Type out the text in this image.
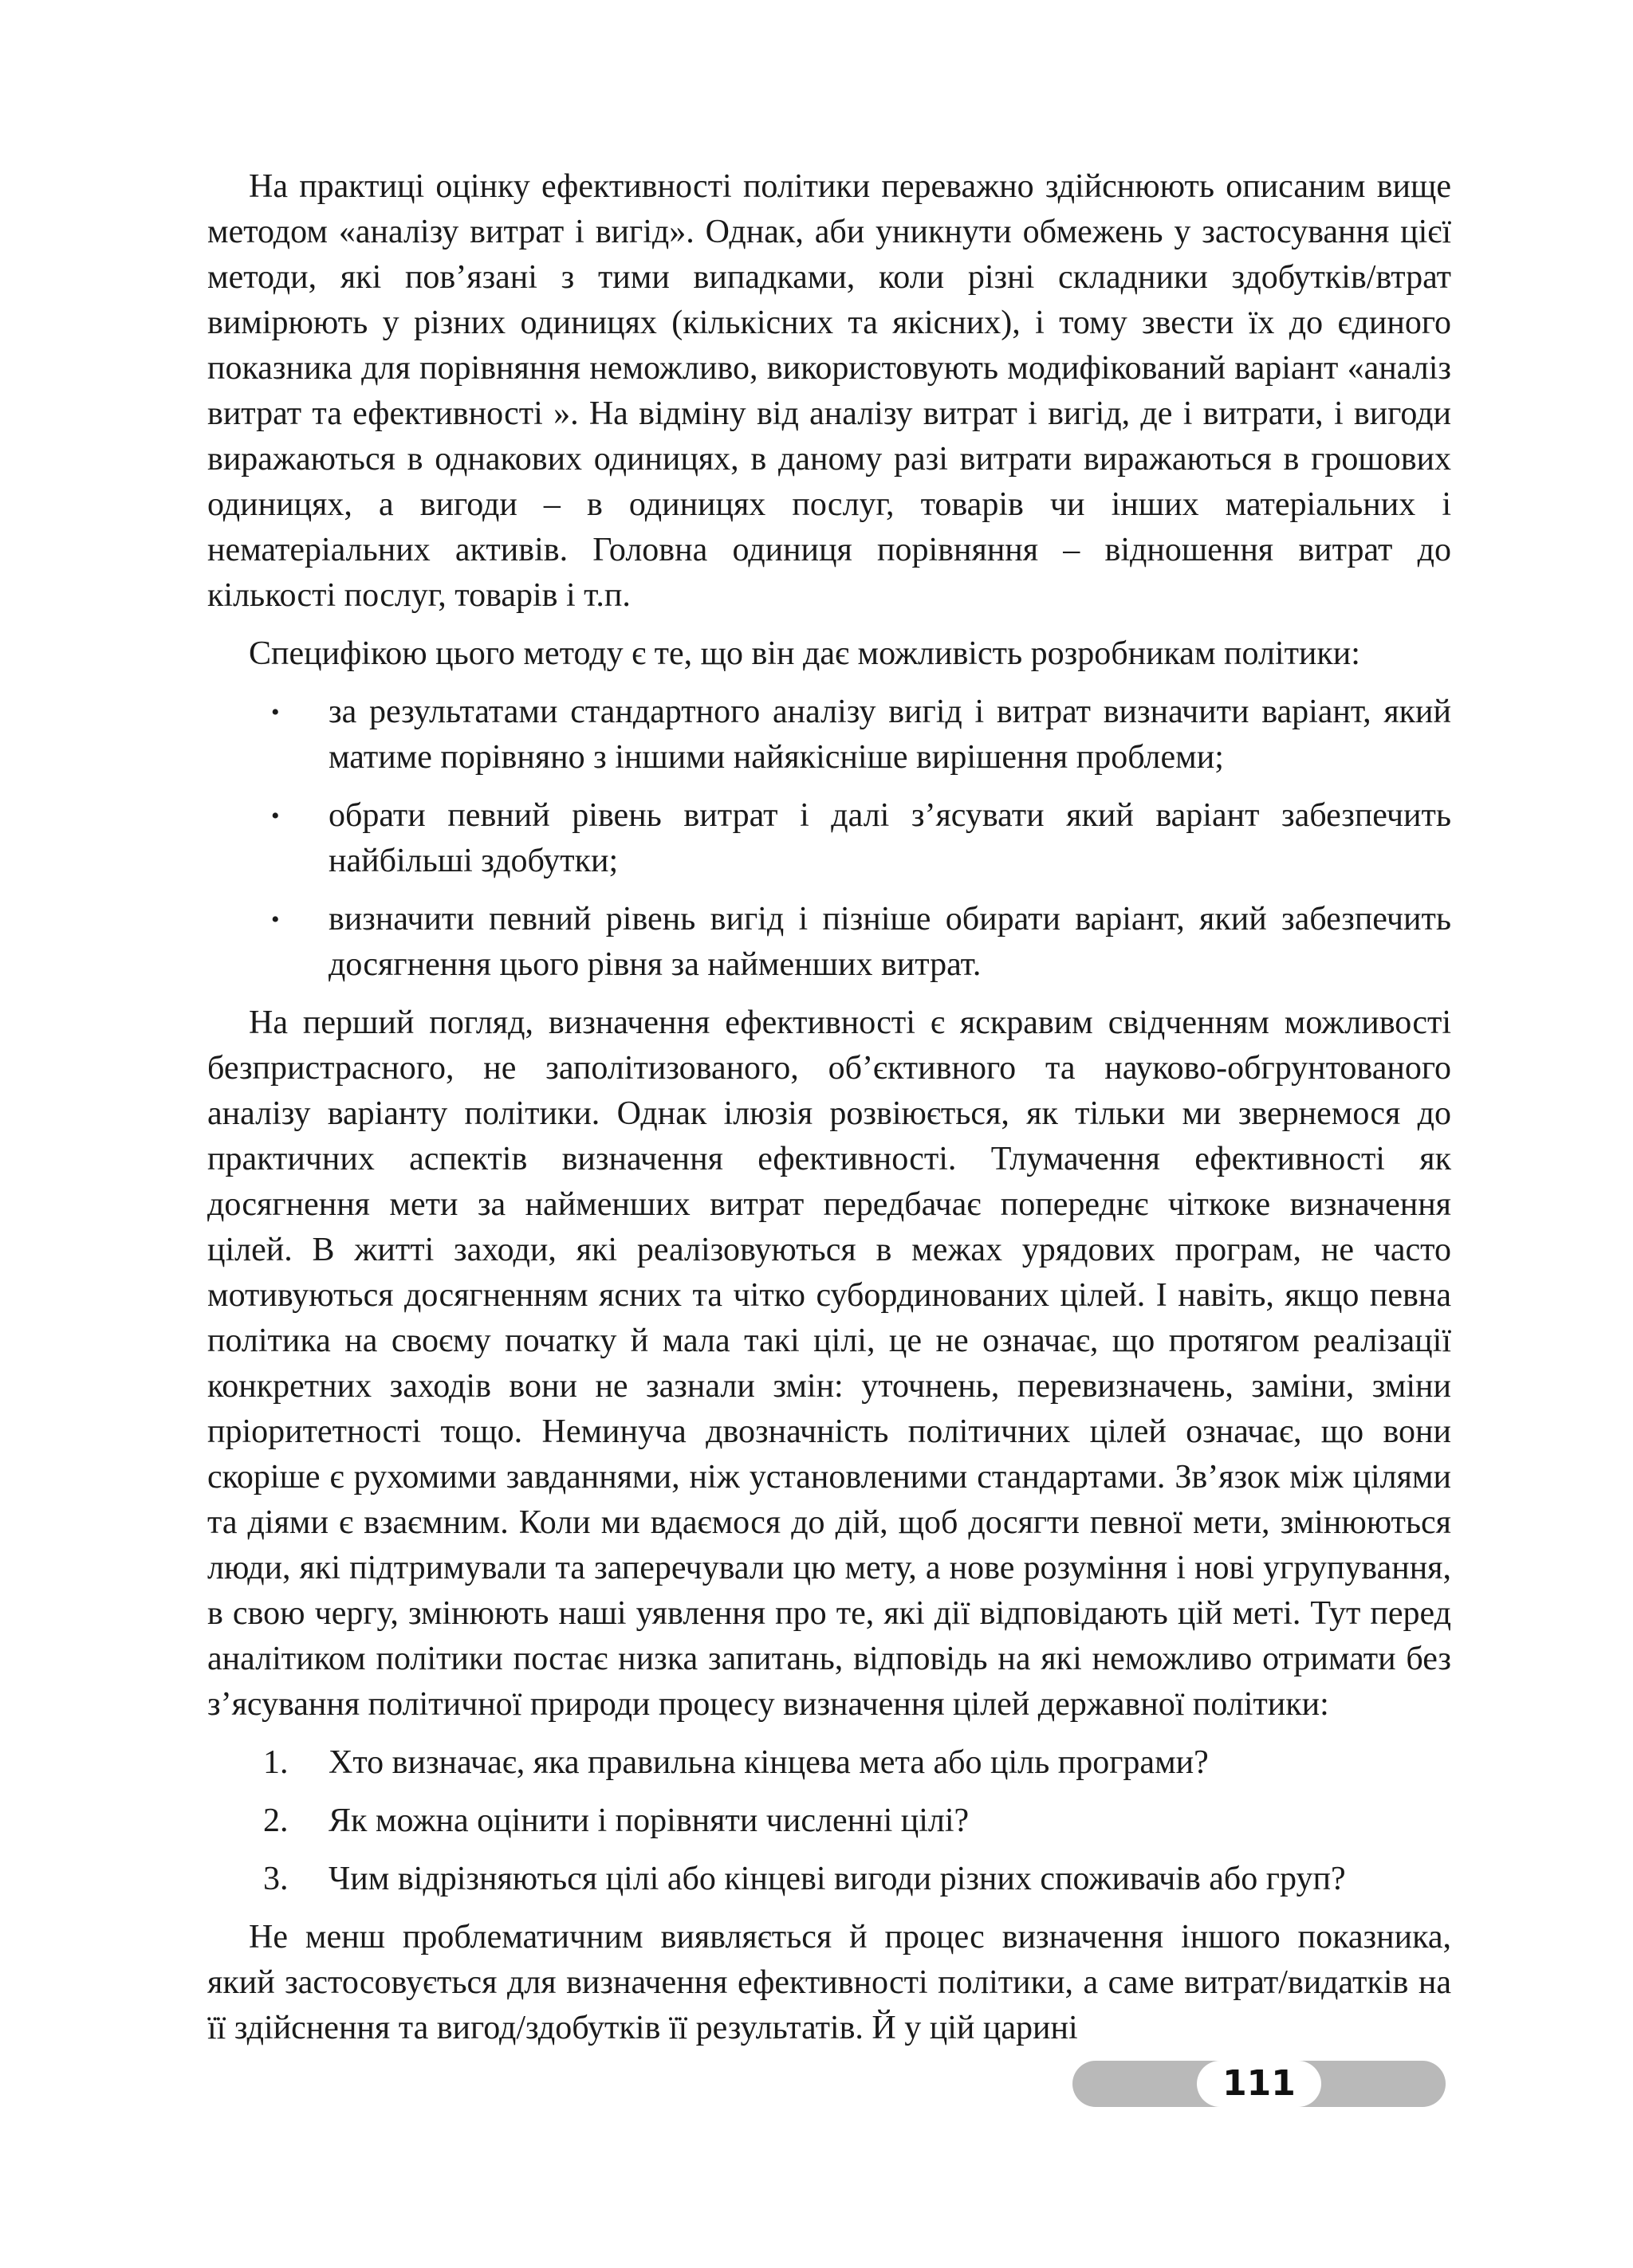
На практиці оцінку ефективності політики переважно здійснюють описаним вище методом «аналізу витрат і вигід». Однак, аби уникнути обмежень у застосування цієї методи, які пов’язані з тими випадками, коли різні складники здобутків/втрат вимірюють у різних одиницях (кількісних та якісних), і тому звести їх до єдиного показника для порівняння неможливо, використовують модифікований варіант «аналіз витрат та ефективності ». На відміну від аналізу витрат і вигід, де і витрати, і вигоди виражаються в однакових одиницях, в даному разі витрати виражаються в грошових одиницях, а вигоди – в одиницях послуг, товарів чи інших матеріальних і нематеріальних активів. Головна одиниця порівняння – відношення витрат до кількості послуг, товарів і т.п.

Специфікою цього методу є те, що він дає можливість розробникам політики:

• за результатами стандартного аналізу вигід і витрат визначити варіант, який матиме порівняно з іншими найякісніше вирішення проблеми;
• обрати певний рівень витрат і далі з’ясувати який варіант забезпечить найбільші здобутки;
• визначити певний рівень вигід і пізніше обирати варіант, який забезпечить досягнення цього рівня за найменших витрат.

На перший погляд, визначення ефективності є яскравим свідченням можливості безпристрасного, не заполітизованого, об’єктивного та науково-обгрунтованого аналізу варіанту політики. Однак ілюзія розвіюється, як тільки ми звернемося до практичних аспектів визначення ефективності. Тлумачення ефективності як досягнення мети за найменших витрат передбачає попереднє чіткоке визначення цілей. В житті заходи, які реалізовуються в межах урядових програм, не часто мотивуються досягненням ясних та чітко субординованих цілей. І навіть, якщо певна політика на своєму початку й мала такі цілі, це не означає, що протягом реалізації конкретних заходів вони не зазнали змін: уточнень, перевизначень, заміни, зміни пріоритетності тощо. Неминуча двозначність політичних цілей означає, що вони скоріше є рухомими завданнями, ніж установленими стандартами. Зв’язок між цілями та діями є взаємним. Коли ми вдаємося до дій, щоб досягти певної мети, змінюються люди, які підтримували та заперечували цю мету, а нове розуміння і нові угрупування, в свою чергу, змінюють наші уявлення про те, які дії відповідають цій меті. Тут перед аналітиком політики постає низка запитань, відповідь на які неможливо отримати без з’ясування політичної природи процесу визначення цілей державної політики:

1. Хто визначає, яка правильна кінцева мета або ціль програми?
2. Як можна оцінити і порівняти численні цілі?
3. Чим відрізняються цілі або кінцеві вигоди різних споживачів або груп?

Не менш проблематичним виявляється й процес визначення іншого показника, який застосовується для визначення ефективності політики, а саме витрат/видатків на її здійснення та вигод/здобутків її результатів. Й у цій царині

111
